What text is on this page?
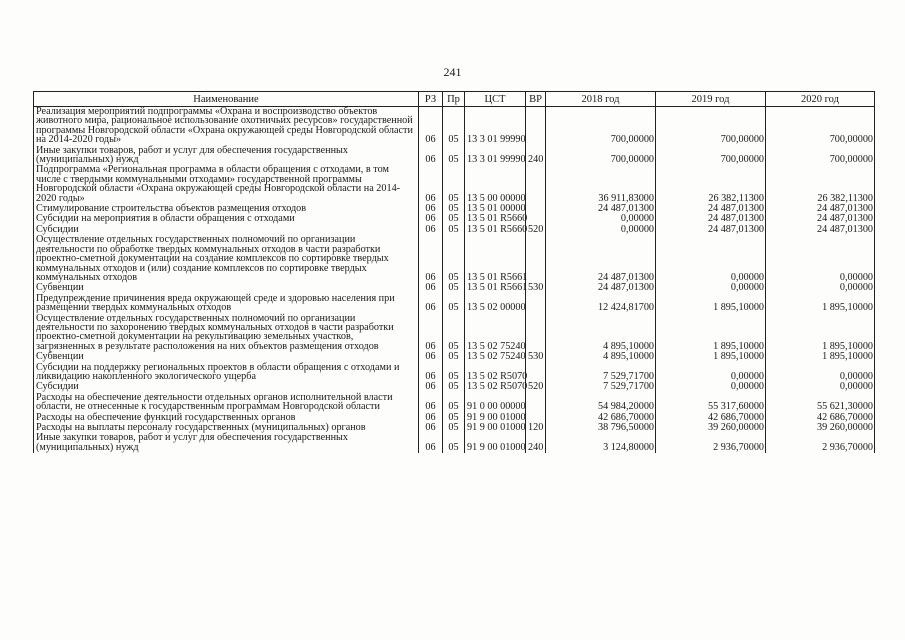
241
Наименование	РЗ	Пр	ЦСТ	ВР	2018 год	2019 год	2020 год
Реализация мероприятий подпрограммы «Охрана и воспроизводство объектов животного мира, рациональное использование охотничьих ресурсов» государственной программы Новгородской области «Охрана окружающей среды Новгородской области на 2014-2020 годы»	06	05	13 3 01 99990		700,00000	700,00000	700,00000
Иные закупки товаров, работ и услуг для обеспечения государственных (муниципальных) нужд	06	05	13 3 01 99990	240	700,00000	700,00000	700,00000
Подпрограмма «Региональная программа в области обращения с отходами, в том числе с твердыми коммунальными отходами» государственной программы Новгородской области «Охрана окружающей среды Новгородской области на 2014-2020 годы»	06	05	13 5 00 00000		36 911,83000	26 382,11300	26 382,11300
Стимулирование строительства объектов размещения отходов	06	05	13 5 01 00000		24 487,01300	24 487,01300	24 487,01300
Субсидии на мероприятия в области обращения с отходами	06	05	13 5 01 R5660		0,00000	24 487,01300	24 487,01300
Субсидии	06	05	13 5 01 R5660	520	0,00000	24 487,01300	24 487,01300
Осуществление отдельных государственных полномочий по организации деятельности по обработке твердых коммунальных отходов в части разработки проектно-сметной документации на создание комплексов по сортировке твердых коммунальных отходов и (или) создание комплексов по сортировке твердых коммунальных отходов	06	05	13 5 01 R5661		24 487,01300	0,00000	0,00000
Субвенции	06	05	13 5 01 R5661	530	24 487,01300	0,00000	0,00000
Предупреждение причинения вреда окружающей среде и здоровью населения при размещении твердых коммунальных отходов	06	05	13 5 02 00000		12 424,81700	1 895,10000	1 895,10000
Осуществление отдельных государственных полномочий по организации деятельности по захоронению твердых коммунальных отходов в части разработки проектно-сметной документации на рекультивацию земельных участков, загрязненных в результате расположения на них объектов размещения отходов	06	05	13 5 02 75240		4 895,10000	1 895,10000	1 895,10000
Субвенции	06	05	13 5 02 75240	530	4 895,10000	1 895,10000	1 895,10000
Субсидии на поддержку региональных проектов в области обращения с отходами и ликвидацию накопленного экологического ущерба	06	05	13 5 02 R5070		7 529,71700	0,00000	0,00000
Субсидии	06	05	13 5 02 R5070	520	7 529,71700	0,00000	0,00000
Расходы на обеспечение деятельности отдельных органов исполнительной власти области, не отнесенные к государственным программам Новгородской области	06	05	91 0 00 00000		54 984,20000	55 317,60000	55 621,30000
Расходы на обеспечение функций государственных органов	06	05	91 9 00 01000		42 686,70000	42 686,70000	42 686,70000
Расходы на выплаты персоналу государственных (муниципальных) органов	06	05	91 9 00 01000	120	38 796,50000	39 260,00000	39 260,00000
Иные закупки товаров, работ и услуг для обеспечения государственных (муниципальных) нужд	06	05	91 9 00 01000	240	3 124,80000	2 936,70000	2 936,70000
